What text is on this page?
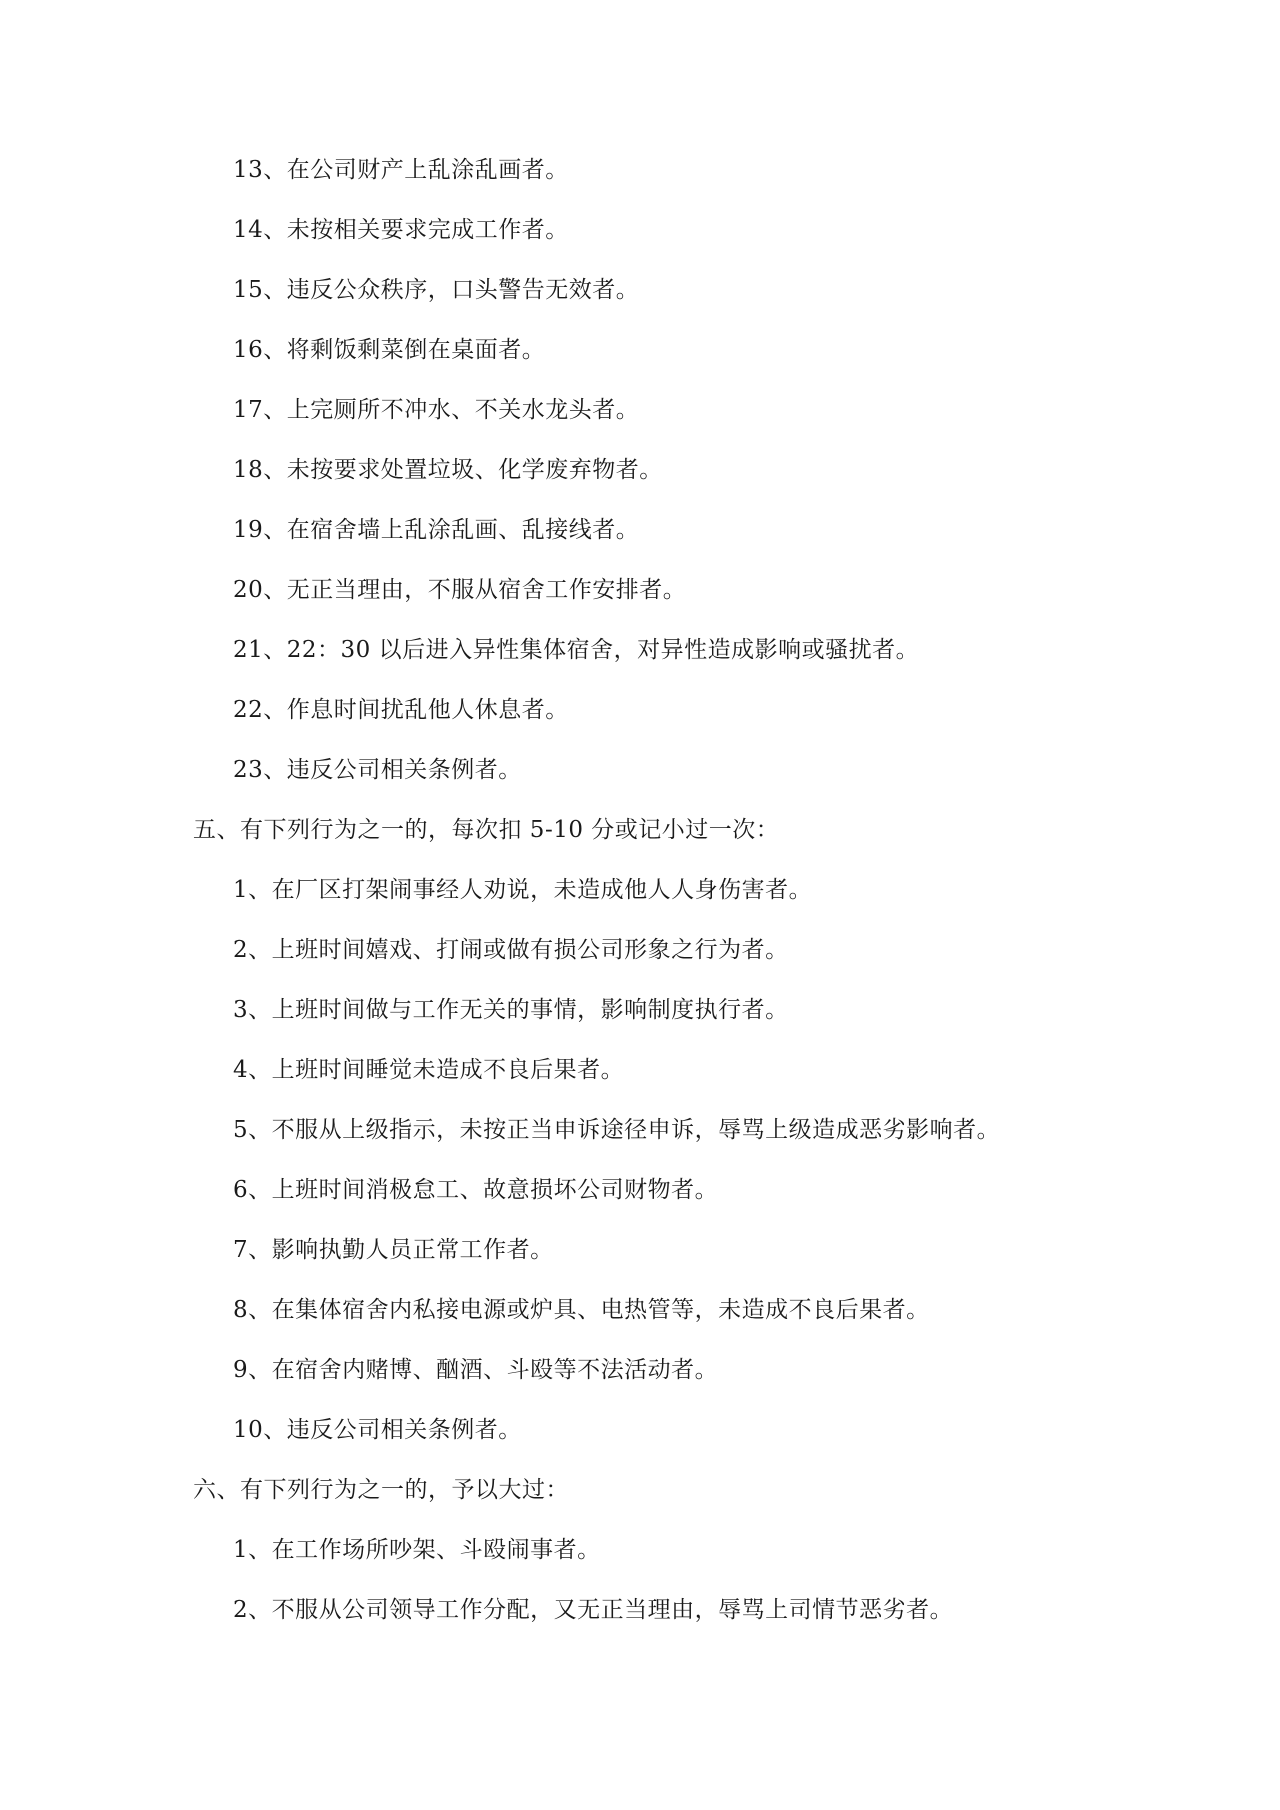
13、在公司财产上乱涂乱画者。
14、未按相关要求完成工作者。
15、违反公众秩序，口头警告无效者。
16、将剩饭剩菜倒在桌面者。
17、上完厕所不冲水、不关水龙头者。
18、未按要求处置垃圾、化学废弃物者。
19、在宿舍墙上乱涂乱画、乱接线者。
20、无正当理由，不服从宿舍工作安排者。
21、22：30 以后进入异性集体宿舍，对异性造成影响或骚扰者。
22、作息时间扰乱他人休息者。
23、违反公司相关条例者。
五、有下列行为之一的，每次扣 5-10 分或记小过一次：
1、在厂区打架闹事经人劝说，未造成他人人身伤害者。
2、上班时间嬉戏、打闹或做有损公司形象之行为者。
3、上班时间做与工作无关的事情，影响制度执行者。
4、上班时间睡觉未造成不良后果者。
5、不服从上级指示，未按正当申诉途径申诉，辱骂上级造成恶劣影响者。
6、上班时间消极怠工、故意损坏公司财物者。
7、影响执勤人员正常工作者。
8、在集体宿舍内私接电源或炉具、电热管等，未造成不良后果者。
9、在宿舍内赌博、酗酒、斗殴等不法活动者。
10、违反公司相关条例者。
六、有下列行为之一的，予以大过：
1、在工作场所吵架、斗殴闹事者。
2、不服从公司领导工作分配，又无正当理由，辱骂上司情节恶劣者。
